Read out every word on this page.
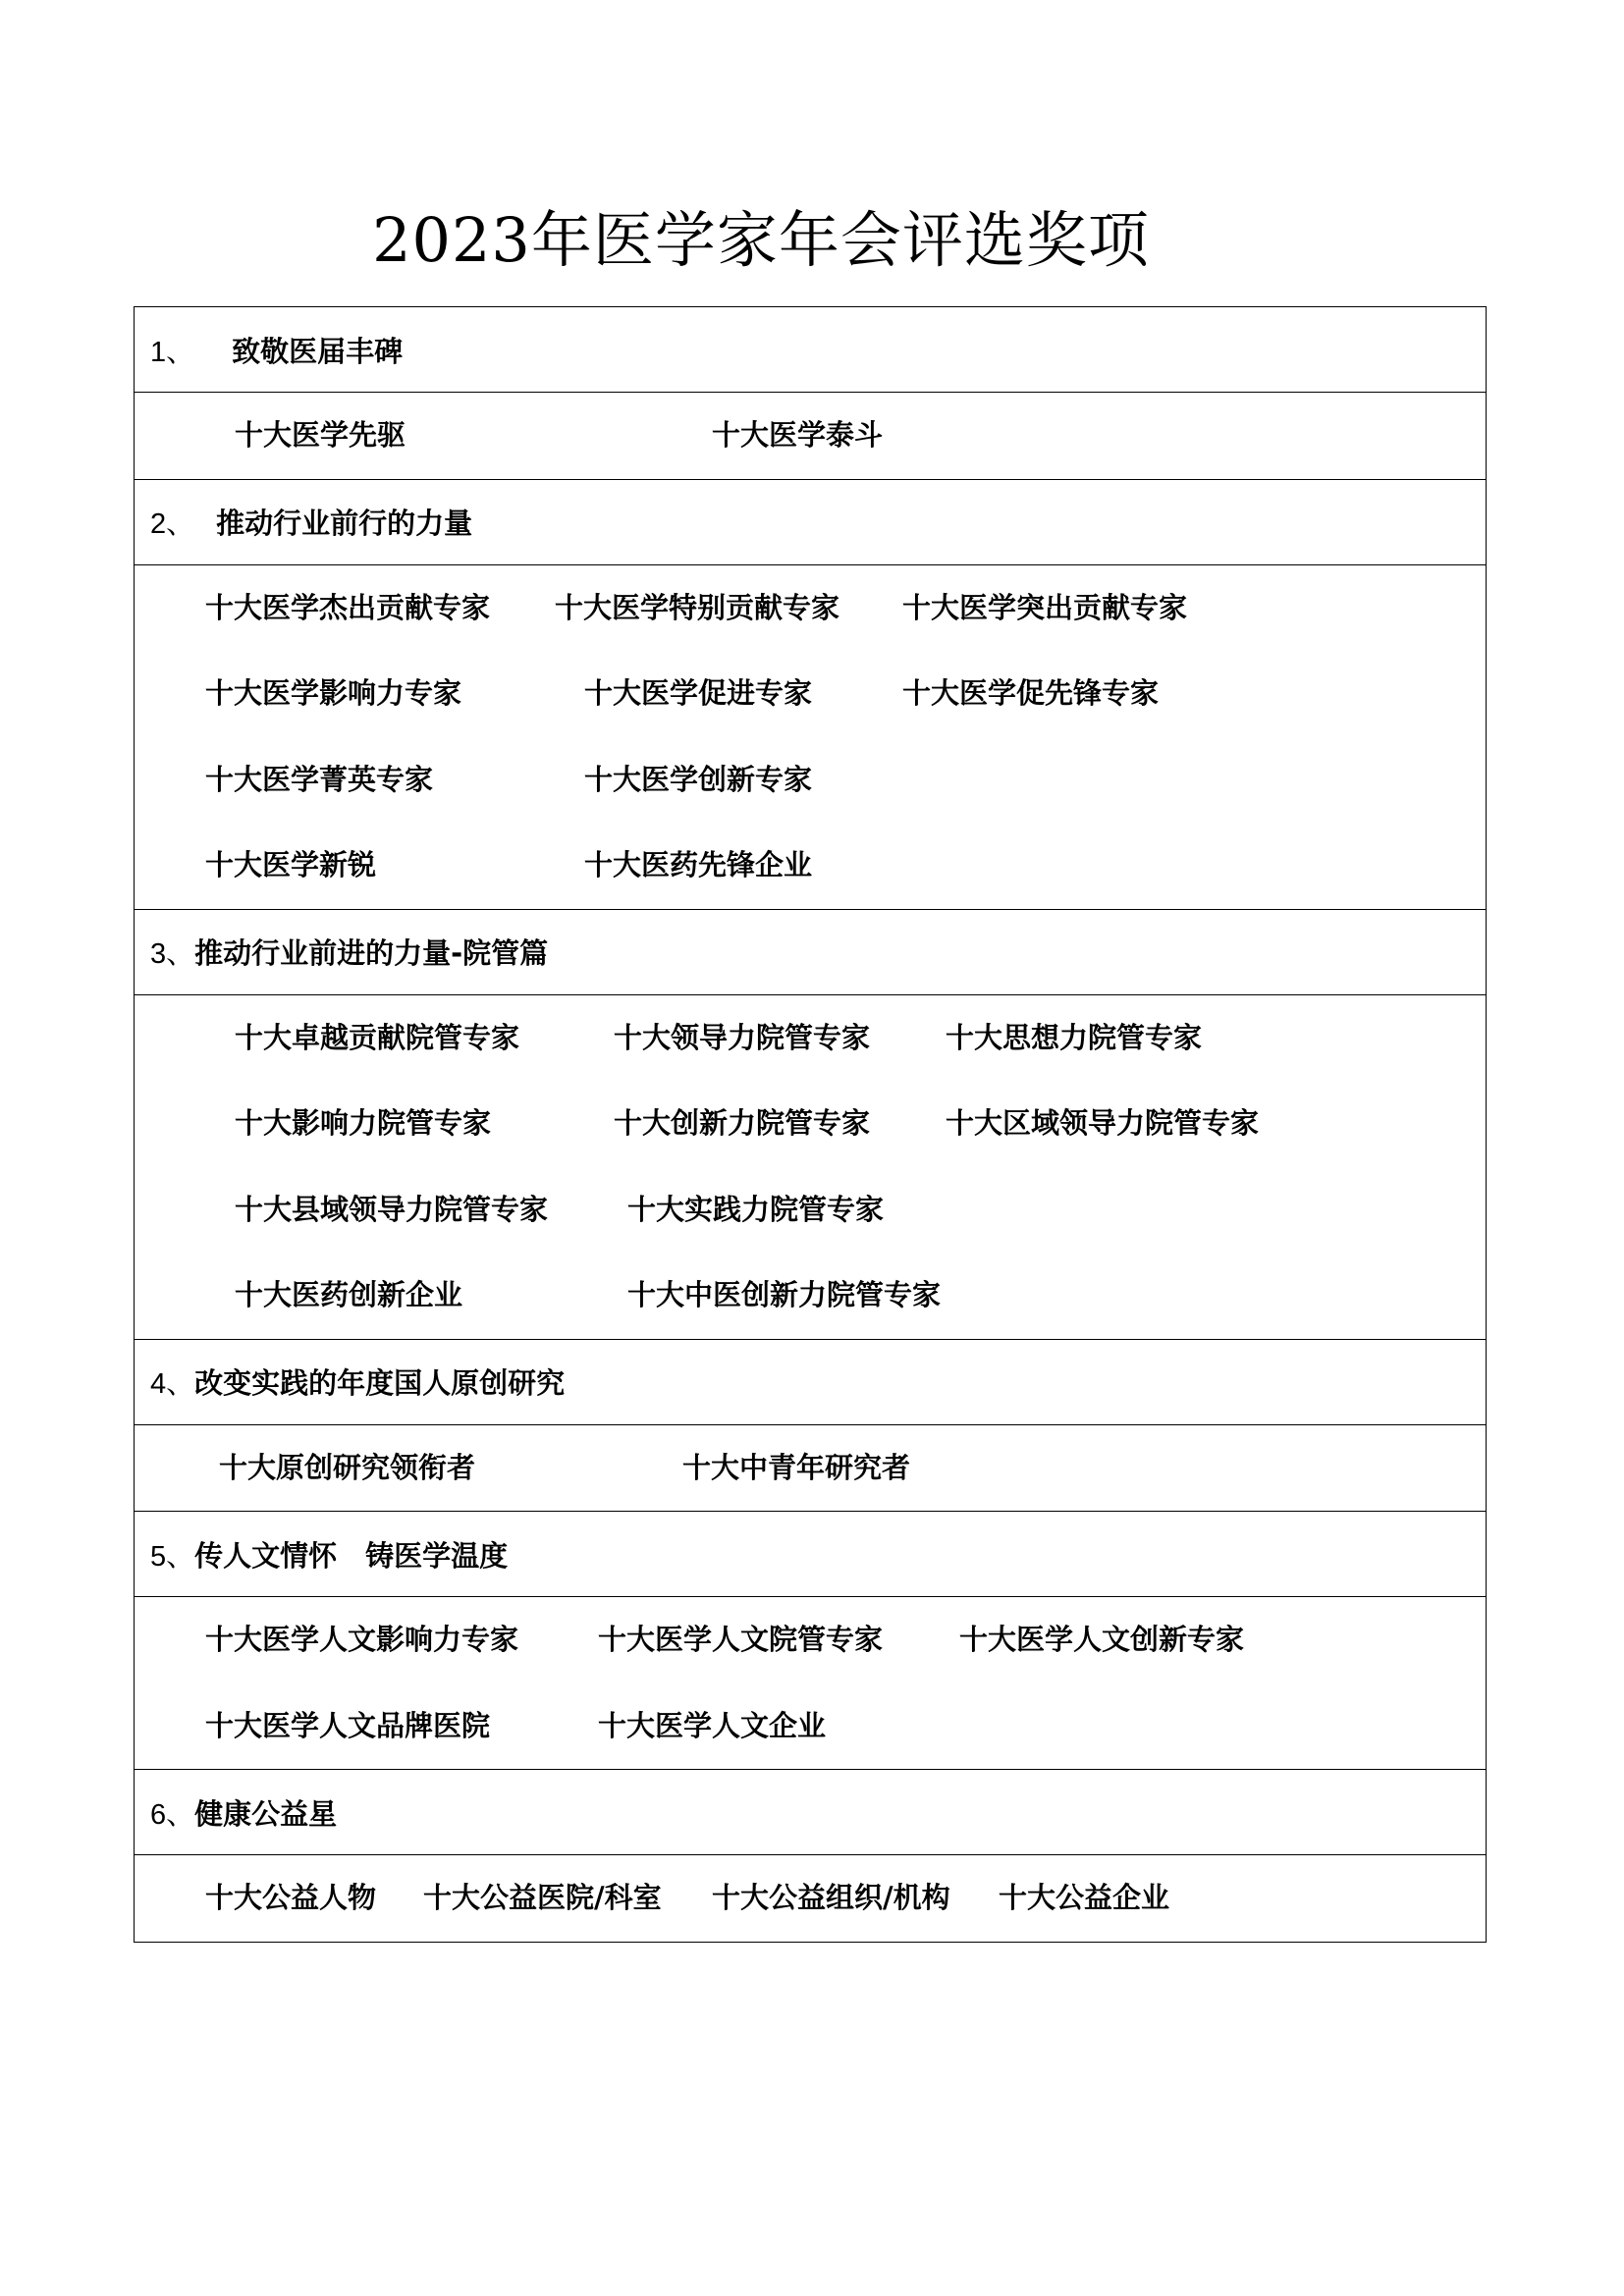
2023年医学家年会评选奖项
1、 致敬医届丰碑
十大医学先驱	十大医学泰斗
2、 推动行业前行的力量
十大医学杰出贡献专家 十大医学特别贡献专家 十大医学突出贡献专家
十大医学影响力专家	十大医学促进专家	十大医学促先锋专家
十大医学菁英专家	十大医学创新专家
十大医学新锐	十大医药先锋企业
3、 推动行业前进的力量-院管篇
十大卓越贡献院管专家	十大领导力院管专家	十大思想力院管专家
十大影响力院管专家	十大创新力院管专家	十大区域领导力院管专家
十大县域领导力院管专家	十大实践力院管专家
十大医药创新企业	十大中医创新力院管专家
4、 改变实践的年度国人原创研究
十大原创研究领衔者	十大中青年研究者
5、 传人文情怀　铸医学温度
十大医学人文影响力专家	十大医学人文院管专家	十大医学人文创新专家
十大医学人文品牌医院	十大医学人文企业
6、 健康公益星
十大公益人物 十大公益医院/科室 十大公益组织/机构 十大公益企业
